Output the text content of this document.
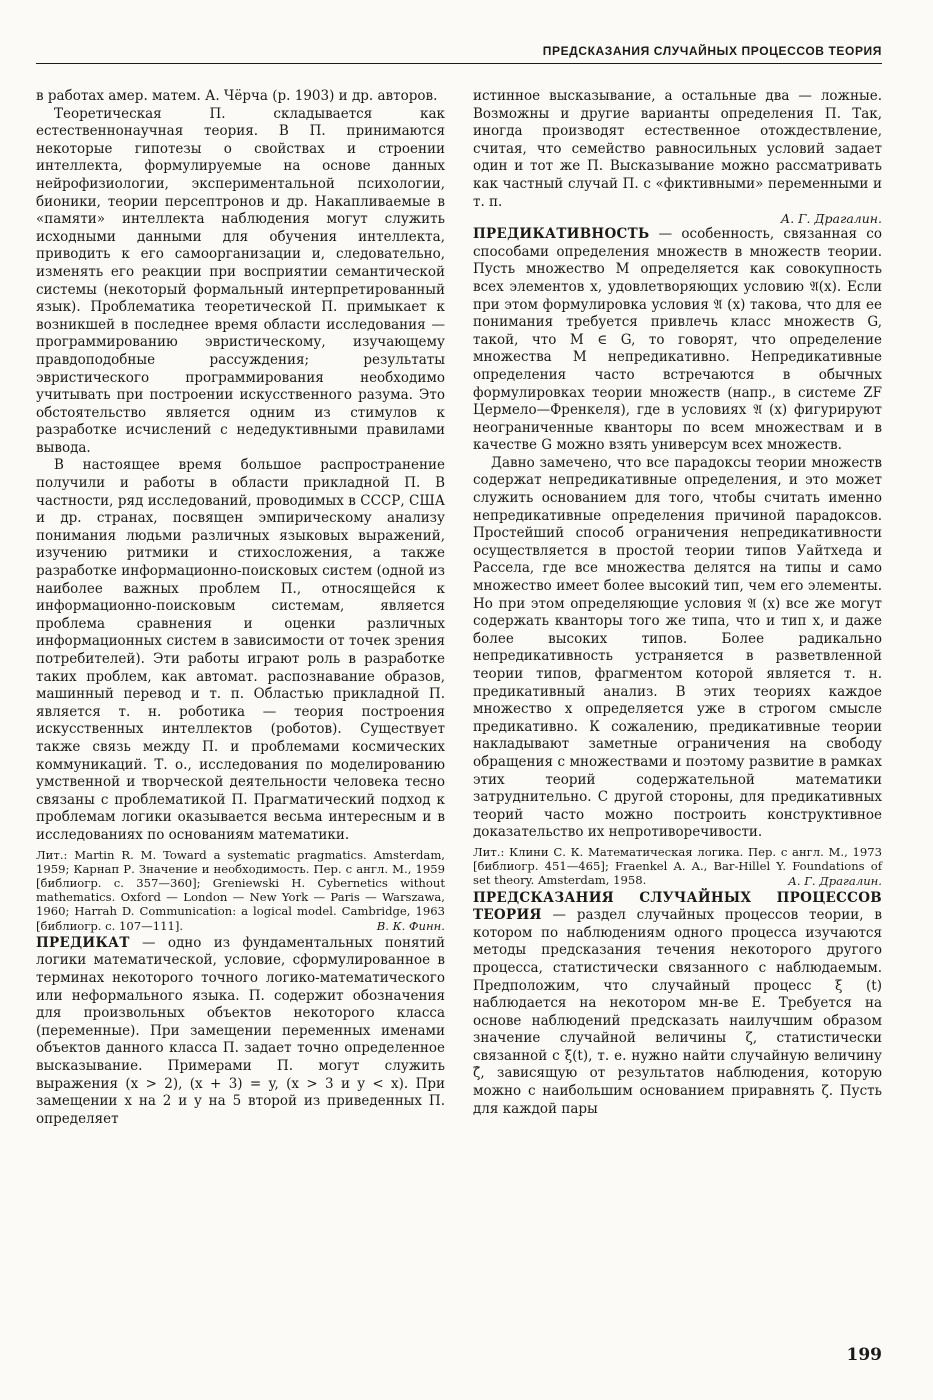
ПРЕДСКАЗАНИЯ СЛУЧАЙНЫХ ПРОЦЕССОВ ТЕОРИЯ

в работах амер. матем. А. Чёрча (р. 1903) и др. авторов.

Теоретическая П. складывается как естественнонаучная теория. В П. принимаются некоторые гипотезы о свойствах и строении интеллекта, формулируемые на основе данных нейрофизиологии, экспериментальной психологии, бионики, теории персептронов и др. Накапливаемые в «памяти» интеллекта наблюдения могут служить исходными данными для обучения интеллекта, приводить к его самоорганизации и, следовательно, изменять его реакции при восприятии семантической системы (некоторый формальный интерпретированный язык). Проблематика теоретической П. примыкает к возникшей в последнее время области исследования — программированию эвристическому, изучающему правдоподобные рассуждения; результаты эвристического программирования необходимо учитывать при построении искусственного разума. Это обстоятельство является одним из стимулов к разработке исчислений с недедуктивными правилами вывода.

В настоящее время большое распространение получили и работы в области прикладной П. В частности, ряд исследований, проводимых в СССР, США и др. странах, посвящен эмпирическому анализу понимания людьми различных языковых выражений, изучению ритмики и стихосложения, а также разработке информационно-поисковых систем (одной из наиболее важных проблем П., относящейся к информационно-поисковым системам, является проблема сравнения и оценки различных информационных систем в зависимости от точек зрения потребителей). Эти работы играют роль в разработке таких проблем, как автомат. распознавание образов, машинный перевод и т. п. Областью прикладной П. является т. н. роботика — теория построения искусственных интеллектов (роботов). Существует также связь между П. и проблемами космических коммуникаций. Т. о., исследования по моделированию умственной и творческой деятельности человека тесно связаны с проблематикой П. Прагматический подход к проблемам логики оказывается весьма интересным и в исследованиях по основаниям математики.

Лит.: Martin R. M. Toward a systematic pragmatics. Amsterdam, 1959; Карнап Р. Значение и необходимость. Пер. с англ. М., 1959 [библиогр. с. 357—360]; Greniewski H. Cybernetics without mathematics. Oxford — London — New York — Paris — Warszawa, 1960; Harrah D. Communication: a logical model. Cambridge, 1963 [библиогр. с. 107—111].	В. К. Финн.

ПРЕДИКАТ — одно из фундаментальных понятий логики математической, условие, сформулированное в терминах некоторого точного логико-математического или неформального языка. П. содержит обозначения для произвольных объектов некоторого класса (переменные). При замещении переменных именами объектов данного класса П. задает точно определенное высказывание. Примерами П. могут служить выражения (x > 2), (x + 3) = y, (x > 3 и y < x). При замещении x на 2 и y на 5 второй из приведенных П. определяет

истинное высказывание, а остальные два — ложные. Возможны и другие варианты определения П. Так, иногда производят естественное отождествление, считая, что семейство равносильных условий задает один и тот же П. Высказывание можно рассматривать как частный случай П. с «фиктивными» переменными и т. п.

А. Г. Драгалин.

ПРЕДИКАТИВНОСТЬ — особенность, связанная со способами определения множеств в множеств теории. Пусть множество M определяется как совокупность всех элементов x, удовлетворяющих условию 𝔄(x). Если при этом формулировка условия 𝔄 (x) такова, что для ее понимания требуется привлечь класс множеств G, такой, что M ∈ G, то говорят, что определение множества M непредикативно. Непредикативные определения часто встречаются в обычных формулировках теории множеств (напр., в системе ZF Цермело—Френкеля), где в условиях 𝔄 (x) фигурируют неограниченные кванторы по всем множествам и в качестве G можно взять универсум всех множеств.

Давно замечено, что все парадоксы теории множеств содержат непредикативные определения, и это может служить основанием для того, чтобы считать именно непредикативные определения причиной парадоксов. Простейший способ ограничения непредикативности осуществляется в простой теории типов Уайтхеда и Рассела, где все множества делятся на типы и само множество имеет более высокий тип, чем его элементы. Но при этом определяющие условия 𝔄 (x) все же могут содержать кванторы того же типа, что и тип x, и даже более высоких типов. Более радикально непредикативность устраняется в разветвленной теории типов, фрагментом которой является т. н. предикативный анализ. В этих теориях каждое множество x определяется уже в строгом смысле предикативно. К сожалению, предикативные теории накладывают заметные ограничения на свободу обращения с множествами и поэтому развитие в рамках этих теорий содержательной математики затруднительно. С другой стороны, для предикативных теорий часто можно построить конструктивное доказательство их непротиворечивости.

Лит.: Клини С. К. Математическая логика. Пер. с англ. М., 1973 [библиогр. 451—465]; Fraenkel A. A., Bar-Hillel Y. Foundations of set theory. Amsterdam, 1958.	А. Г. Драгалин.

ПРЕДСКАЗАНИЯ СЛУЧАЙНЫХ ПРОЦЕССОВ ТЕОРИЯ — раздел случайных процессов теории, в котором по наблюдениям одного процесса изучаются методы предсказания течения некоторого другого процесса, статистически связанного с наблюдаемым. Предположим, что случайный процесс ξ (t) наблюдается на некотором мн-ве E. Требуется на основе наблюдений предсказать наилучшим образом значение случайной величины ζ, статистически связанной с ξ(t), т. е. нужно найти случайную величину ζ̂, зависящую от результатов наблюдения, которую можно с наибольшим основанием приравнять ζ. Пусть для каждой пары

199
